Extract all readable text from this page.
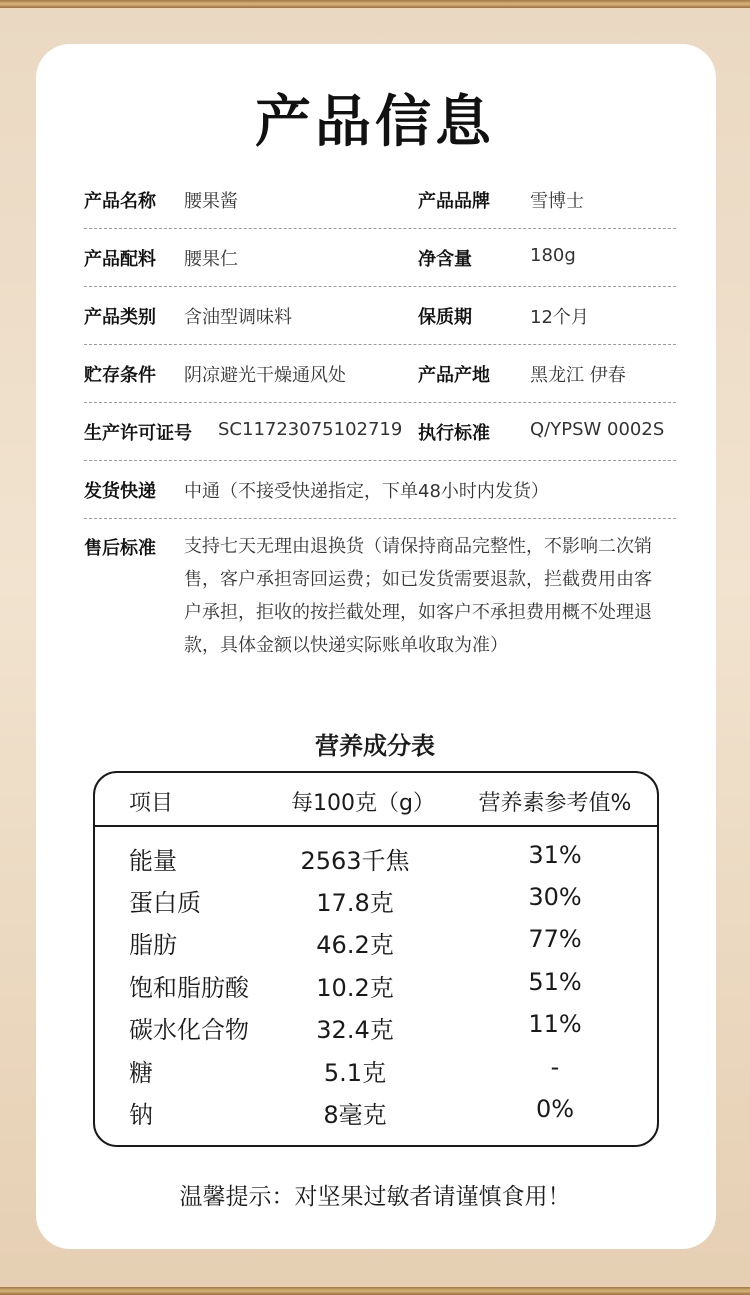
产品信息
产品名称 腰果酱	产品品牌 雪博士
产品配料 腰果仁	净含量	180g
产品类别 含油型调味料	保质期	12个月
贮存条件 阴凉避光干燥通风处	产品产地 黑龙江 伊春
生产许可证号 SC11723075102719 执行标准 Q/YPSW 0002S
发货快递 中通（不接受快递指定，下单48小时内发货）
售后标准 支持七天无理由退换货（请保持商品完整性，不影响二次销售，客户承担寄回运费；如已发货需要退款，拦截费用由客户承担，拒收的按拦截处理，如客户不承担费用概不处理退款，具体金额以快递实际账单收取为准）
营养成分表
项目	每100克（g）	营养素参考值%
能量	2563千焦	31%
蛋白质	17.8克	30%
脂肪	46.2克	77%
饱和脂肪酸	10.2克	51%
碳水化合物	32.4克	11%
糖	5.1克	-
钠	8毫克	0%
温馨提示：对坚果过敏者请谨慎食用！
